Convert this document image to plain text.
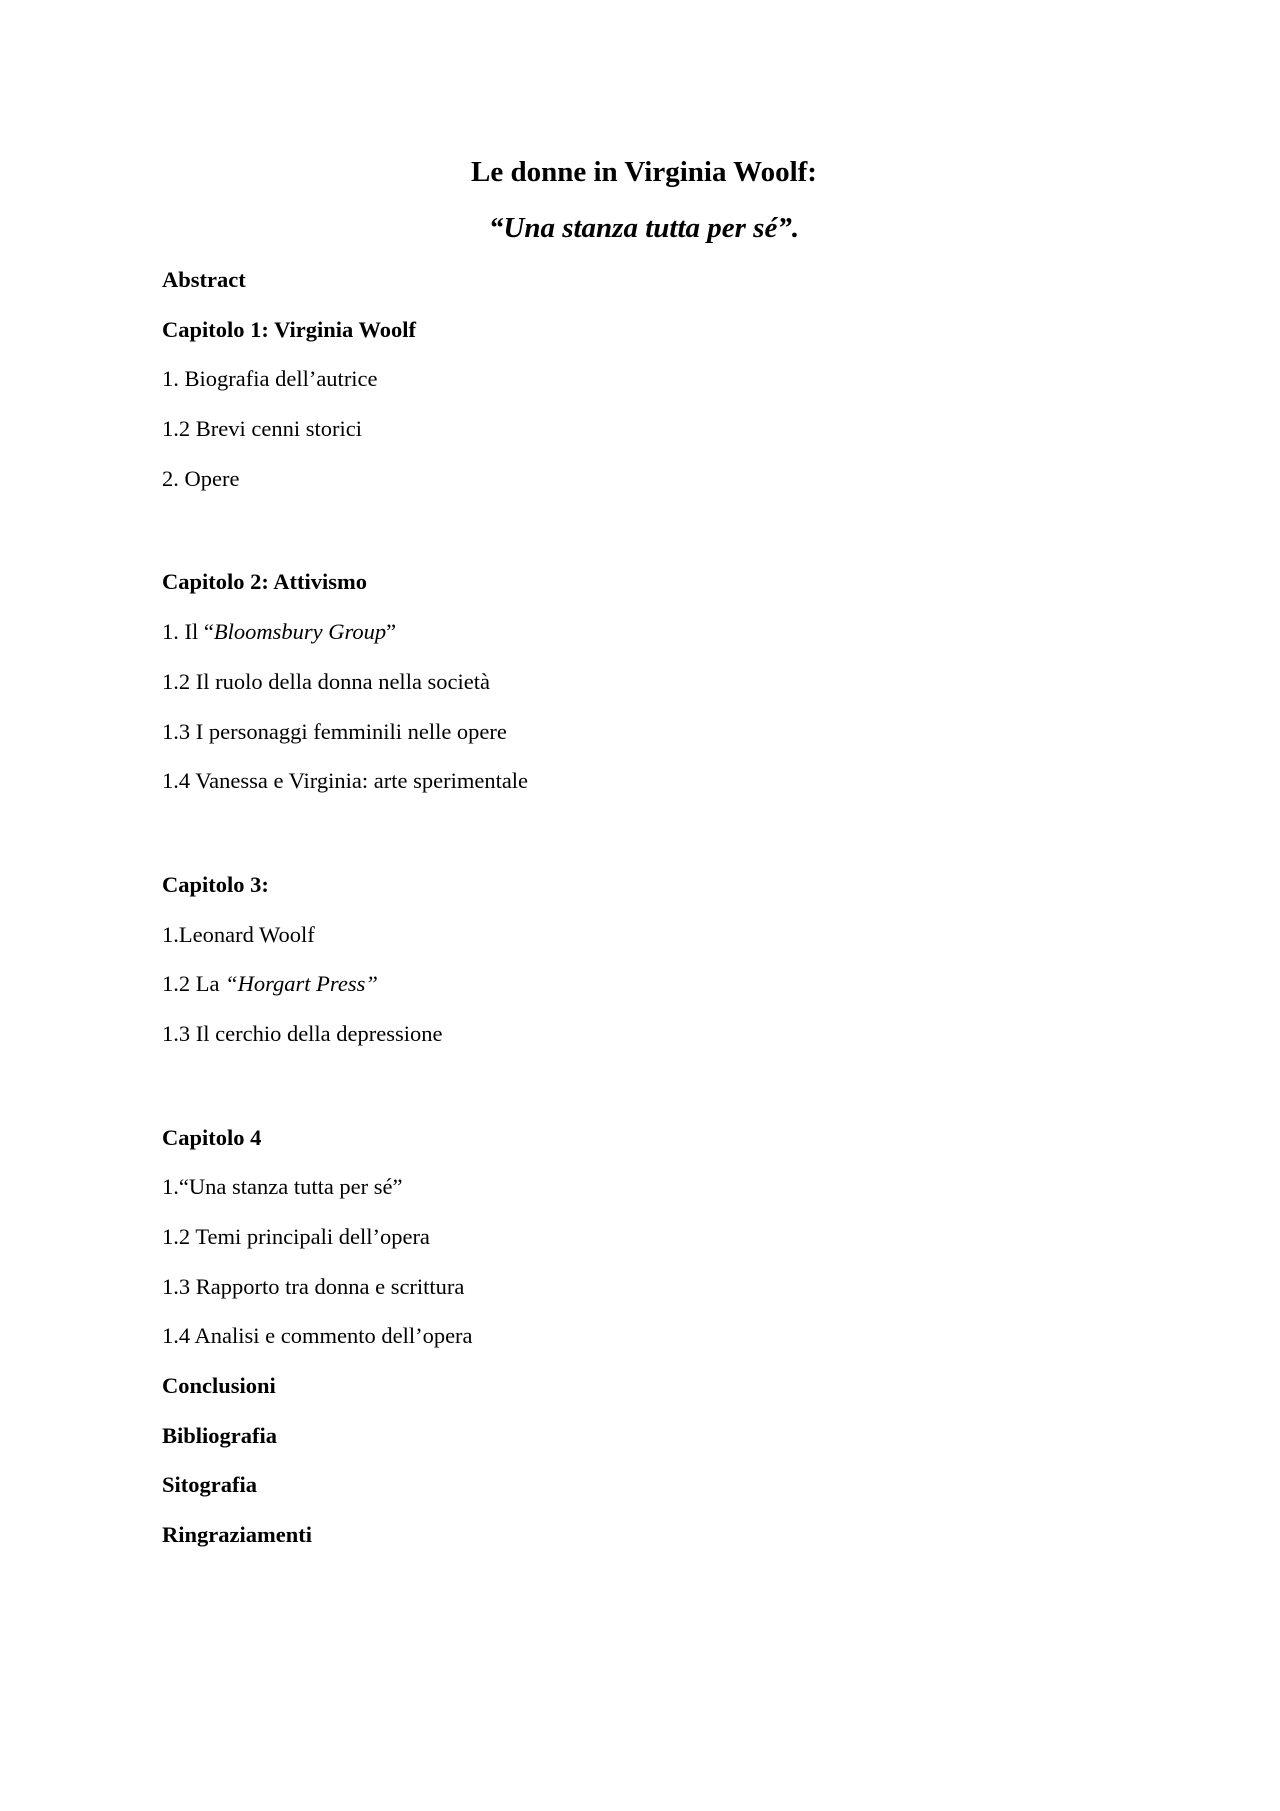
Le donne in Virginia Woolf:
“Una stanza tutta per sé”.
Abstract
Capitolo 1: Virginia Woolf
1. Biografia dell’autrice
1.2 Brevi cenni storici
2. Opere
Capitolo 2: Attivismo
1. Il “Bloomsbury Group”
1.2 Il ruolo della donna nella società
1.3 I personaggi femminili nelle opere
1.4 Vanessa e Virginia: arte sperimentale
Capitolo 3:
1.Leonard Woolf
1.2 La “Horgart Press”
1.3 Il cerchio della depressione
Capitolo 4
1.“Una stanza tutta per sé”
1.2 Temi principali dell’opera
1.3 Rapporto tra donna e scrittura
1.4 Analisi e commento dell’opera
Conclusioni
Bibliografia
Sitografia
Ringraziamenti
